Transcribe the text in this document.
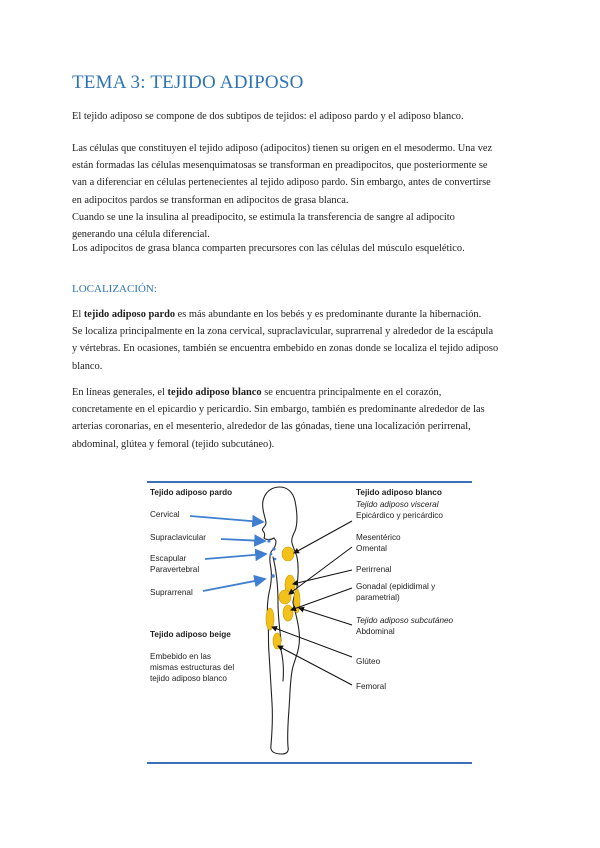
TEMA 3: TEJIDO ADIPOSO

El tejido adiposo se compone de dos subtipos de tejidos: el adiposo pardo y el adiposo blanco.

Las células que constituyen el tejido adiposo (adipocitos) tienen su origen en el mesodermo. Una vez
están formadas las células mesenquimatosas se transforman en preadipocitos, que posteriormente se
van a diferenciar en células pertenecientes al tejido adiposo pardo. Sin embargo, antes de convertirse
en adipocitos pardos se transforman en adipocitos de grasa blanca.
Cuando se une la insulina al preadipocito, se estimula la transferencia de sangre al adipocito
generando una célula diferencial.

Los adipocitos de grasa blanca comparten precursores con las células del músculo esquelético.

LOCALIZACIÓN:

El tejido adiposo pardo es más abundante en los bebés y es predominante durante la hibernación.
Se localiza principalmente en la zona cervical, supraclavicular, suprarrenal y alrededor de la escápula
y vértebras. En ocasiones, también se encuentra embebido en zonas donde se localiza el tejido adiposo
blanco.

En líneas generales, el tejido adiposo blanco se encuentra principalmente en el corazón,
concretamente en el epicardio y pericardio. Sin embargo, también es predominante alrededor de las
arterias coronarias, en el mesenterio, alrededor de las gónadas, tiene una localización perirrenal,
abdominal, glútea y femoral (tejido subcutáneo).

Tejido adiposo pardo
Cervical
Supraclavicular
Escapular
Paravertebral
Suprarrenal
Tejido adiposo beige
Embebido en las
mismas estructuras del
tejido adiposo blanco
Tejido adiposo blanco
Tejido adiposo visceral
Epicárdico y pericárdico
Mesentérico
Omental
Perirrenal
Gonadal (epididimal y
parametrial)
Tejido adiposo subcutáneo
Abdominal
Glúteo
Femoral
